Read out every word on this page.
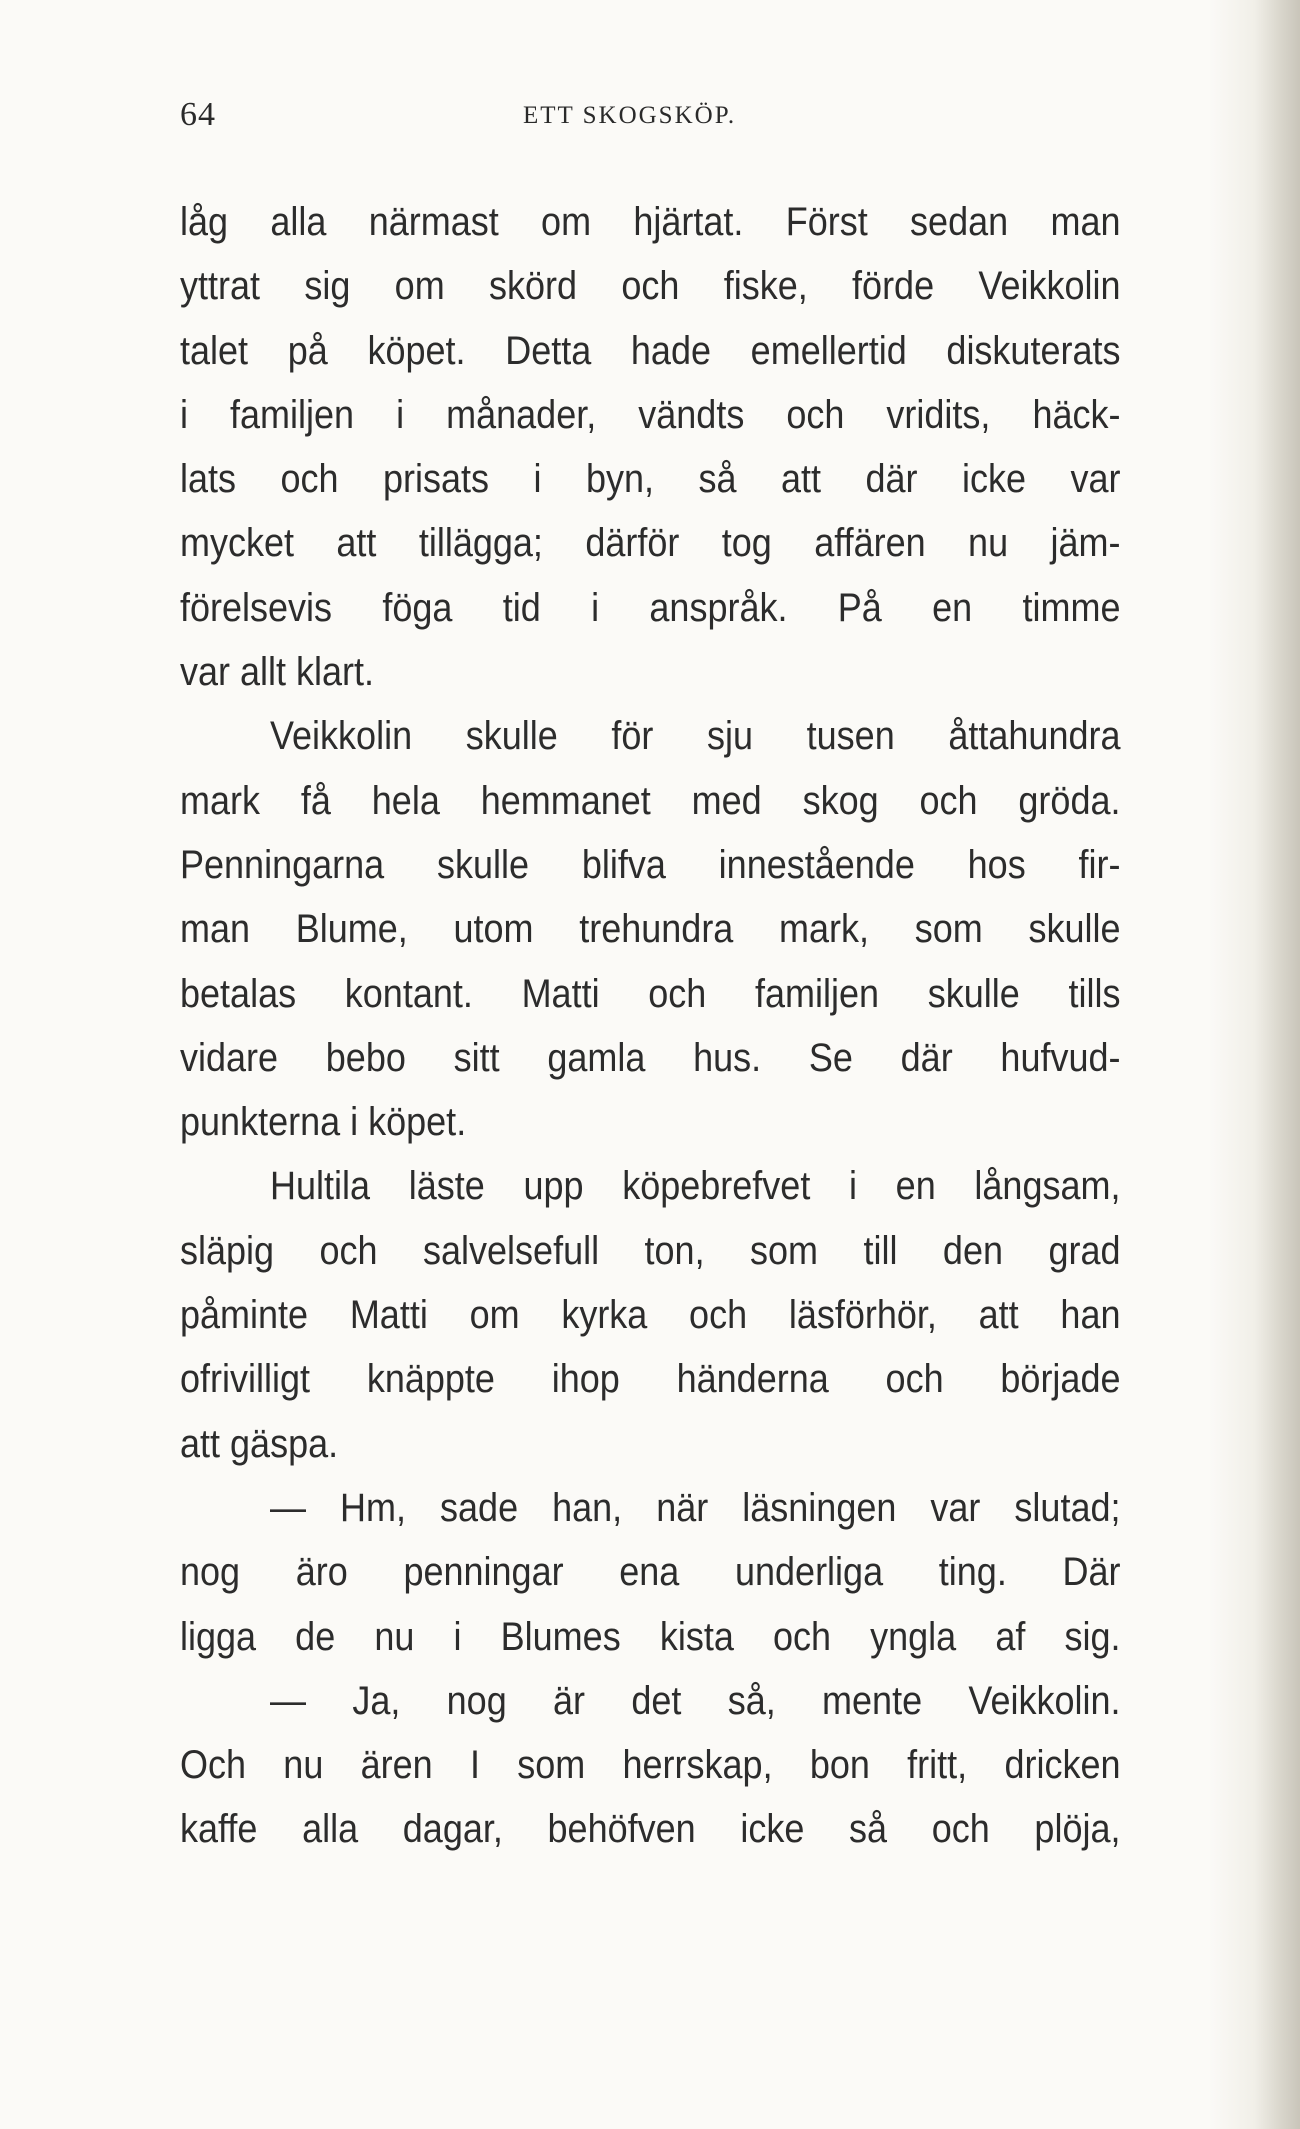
64	ETT SKOGSKÖP.
låg alla närmast om hjärtat. Först sedan man
yttrat sig om skörd och fiske, förde Veikkolin
talet på köpet. Detta hade emellertid diskuterats
i familjen i månader, vändts och vridits, häck-
lats och prisats i byn, så att där icke var
mycket att tillägga; därför tog affären nu jäm-
förelsevis föga tid i anspråk. På en timme
var allt klart.
Veikkolin skulle för sju tusen åttahundra
mark få hela hemmanet med skog och gröda.
Penningarna skulle blifva innestående hos fir-
man Blume, utom trehundra mark, som skulle
betalas kontant. Matti och familjen skulle tills
vidare bebo sitt gamla hus. Se där hufvud-
punkterna i köpet.
Hultila läste upp köpebrefvet i en långsam,
släpig och salvelsefull ton, som till den grad
påminte Matti om kyrka och läsförhör, att han
ofrivilligt knäppte ihop händerna och började
att gäspa.
— Hm, sade han, när läsningen var slutad;
nog äro penningar ena underliga ting. Där
ligga de nu i Blumes kista och yngla af sig.
— Ja, nog är det så, mente Veikkolin.
Och nu ären I som herrskap, bon fritt, dricken
kaffe alla dagar, behöfven icke så och plöja,
